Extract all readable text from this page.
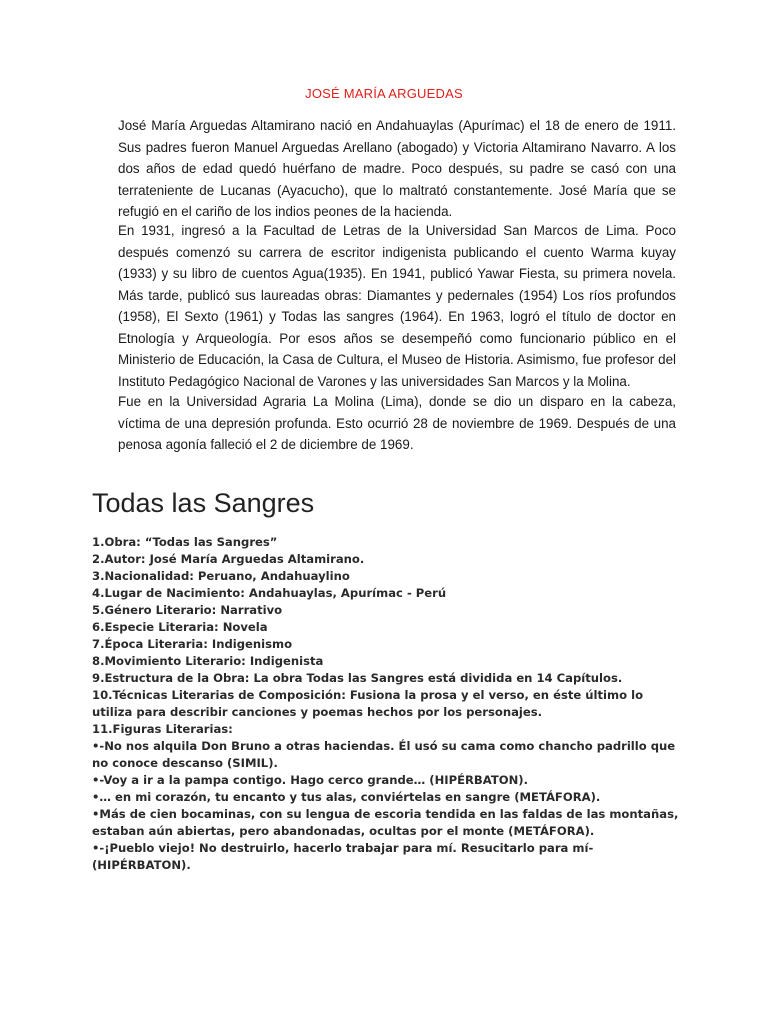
JOSÉ MARÍA ARGUEDAS

José María Arguedas Altamirano nació en Andahuaylas (Apurímac) el 18 de enero de 1911. Sus padres fueron Manuel Arguedas Arellano (abogado) y Victoria Altamirano Navarro. A los dos años de edad quedó huérfano de madre. Poco después, su padre se casó con una terrateniente de Lucanas (Ayacucho), que lo maltrató constantemente. José María que se refugió en el cariño de los indios peones de la hacienda.

En 1931, ingresó a la Facultad de Letras de la Universidad San Marcos de Lima. Poco después comenzó su carrera de escritor indigenista publicando el cuento Warma kuyay (1933) y su libro de cuentos Agua(1935). En 1941, publicó Yawar Fiesta, su primera novela. Más tarde, publicó sus laureadas obras: Diamantes y pedernales (1954) Los ríos profundos (1958), El Sexto (1961) y Todas las sangres (1964). En 1963, logró el título de doctor en Etnología y Arqueología. Por esos años se desempeñó como funcionario público en el Ministerio de Educación, la Casa de Cultura, el Museo de Historia. Asimismo, fue profesor del Instituto Pedagógico Nacional de Varones y las universidades San Marcos y la Molina.

Fue en la Universidad Agraria La Molina (Lima), donde se dio un disparo en la cabeza, víctima de una depresión profunda. Esto ocurrió 28 de noviembre de 1969. Después de una penosa agonía falleció el 2 de diciembre de 1969.

Todas las Sangres
1.Obra: “Todas las Sangres”
2.Autor: José María Arguedas Altamirano.
3.Nacionalidad: Peruano, Andahuaylino
4.Lugar de Nacimiento: Andahuaylas, Apurímac - Perú
5.Género Literario: Narrativo
6.Especie Literaria: Novela
7.Época Literaria: Indigenismo
8.Movimiento Literario: Indigenista
9.Estructura de la Obra: La obra Todas las Sangres está dividida en 14 Capítulos.
10.Técnicas Literarias de Composición: Fusiona la prosa y el verso, en éste último lo utiliza para describir canciones y poemas hechos por los personajes.
11.Figuras Literarias:
•-No nos alquila Don Bruno a otras haciendas. Él usó su cama como chancho padrillo que no conoce descanso (SIMIL).
•-Voy a ir a la pampa contigo. Hago cerco grande… (HIPÉRBATON).
•… en mi corazón, tu encanto y tus alas, conviértelas en sangre (METÁFORA).
•Más de cien bocaminas, con su lengua de escoria tendida en las faldas de las montañas, estaban aún abiertas, pero abandonadas, ocultas por el monte (METÁFORA).
•-¡Pueblo viejo! No destruirlo, hacerlo trabajar para mí. Resucitarlo para mí- (HIPÉRBATON).
